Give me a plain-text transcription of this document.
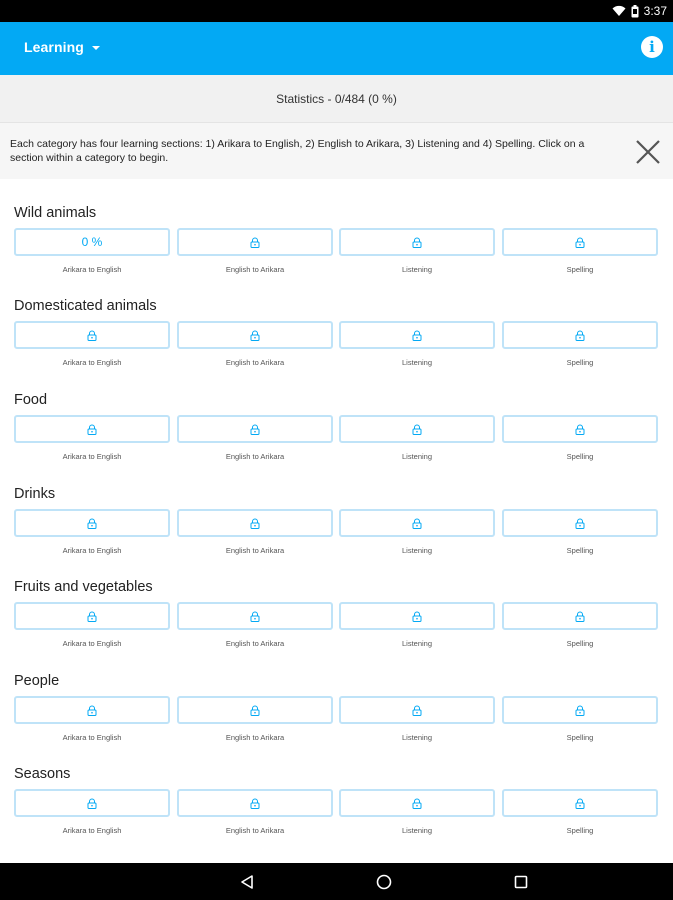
3:37
Learning	i
Statistics - 0/484 (0 %)
Each category has four learning sections: 1) Arikara to English, 2) English to Arikara, 3) Listening and 4) Spelling. Click on a section within a category to begin.
Wild animals
0 %
Arikara to English	English to Arikara	Listening	Spelling
Domesticated animals
Arikara to English	English to Arikara	Listening	Spelling
Food
Arikara to English	English to Arikara	Listening	Spelling
Drinks
Arikara to English	English to Arikara	Listening	Spelling
Fruits and vegetables
Arikara to English	English to Arikara	Listening	Spelling
People
Arikara to English	English to Arikara	Listening	Spelling
Seasons
Arikara to English	English to Arikara	Listening	Spelling
